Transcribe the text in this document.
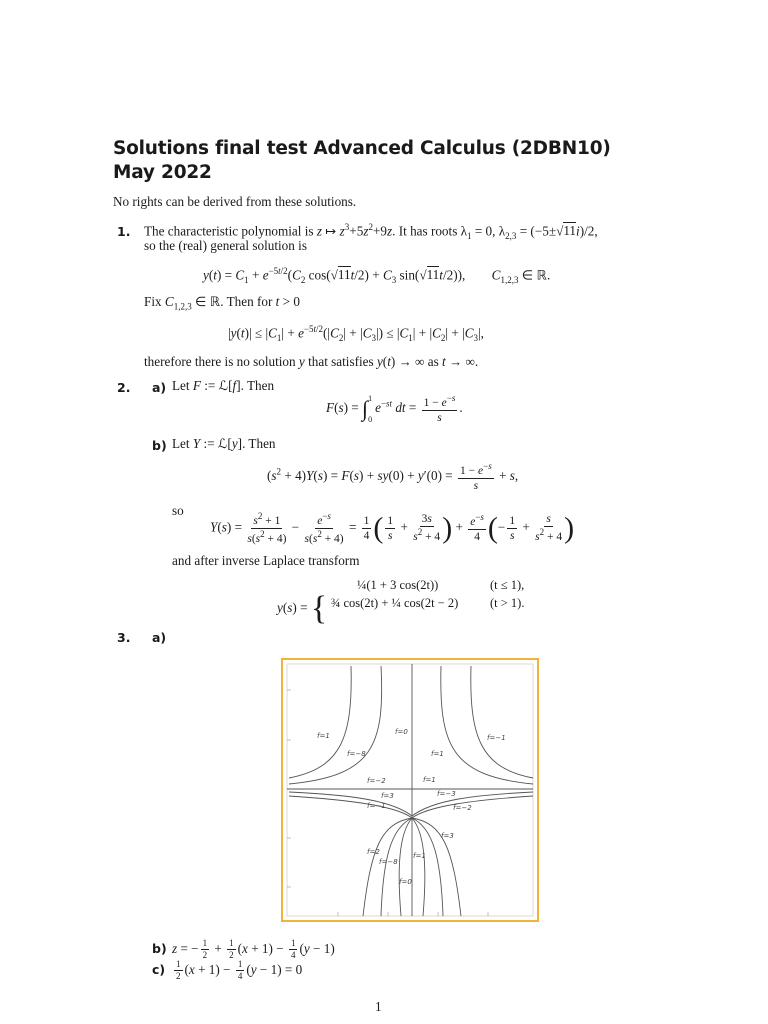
Solutions final test Advanced Calculus (2DBN10)
May 2022
No rights can be derived from these solutions.
1. The characteristic polynomial is z ↦ $z^3+5z^2+9z$. It has roots $\lambda_1 = 0$, $\lambda_{2,3} = (-5\pm√11i)/2$,
so the (real) general solution is
$y(t) = C_1 + e^{-5t/2}(C_2$ $\cos(√11t/2) + C_3$ sin(√11t/2)),        $C_{1,2,3}$ ∈ ℝ.
Fix $C_{1,2,3}$ ∈ ℝ. Then for t > 0
$|y(t)| \le |C_1| + e^{-5t/2}(|C_2| + |C_3|) \le |C_1| + |C_2| + |C_3|$,
therefore there is no solution y that satisfies y(t) → ∞ as t → ∞.
2. a) Let F := ℒ[f]. Then
F(s) = ∫ 1
0
$e^{-st}$ dt = $\frac{1 - e^{-s}}{s}$ .
b) Let Y := ℒ[y]. Then
$(s^2 + 4)Y(s) = F(s) + sy(0) + y'(0) = \frac{1 - e^{-s}}{s} + s$,
so
$Y(s) = \frac{s^2 + 1}{s(s^2 + 4)} - \frac{e^{-s}}{s(s^2 + 4)} = \frac{1}{4}$ ( $\frac{1}{s} + \frac{3s}{s^2 + 4}$ ) + $\frac{e^{-s}}{4}$ (− $\frac{1}{s} + \frac{s}{s^2 + 4}$ )
and after inverse Laplace transform
y(s) = {
¼(1 + 3 cos(2t))	(t ≤ 1),
¾ cos(2t) + ¼ cos(2t − 2)	(t > 1).
3. a)
f=1
f=−8
f=0
f=1
f=−1
f=−2
f=3	f=−3
f=−1	f=−2
f=3
f=2
f=−8
f=0
f=1
f=1
b) z = − $\frac{1}{2} + \frac{1}{2} (x + 1) - \frac{1}{4} (y - 1)$
$c) \frac{1}{2} (x + 1) - \frac{1}{4} (y - 1) = 0$
1
